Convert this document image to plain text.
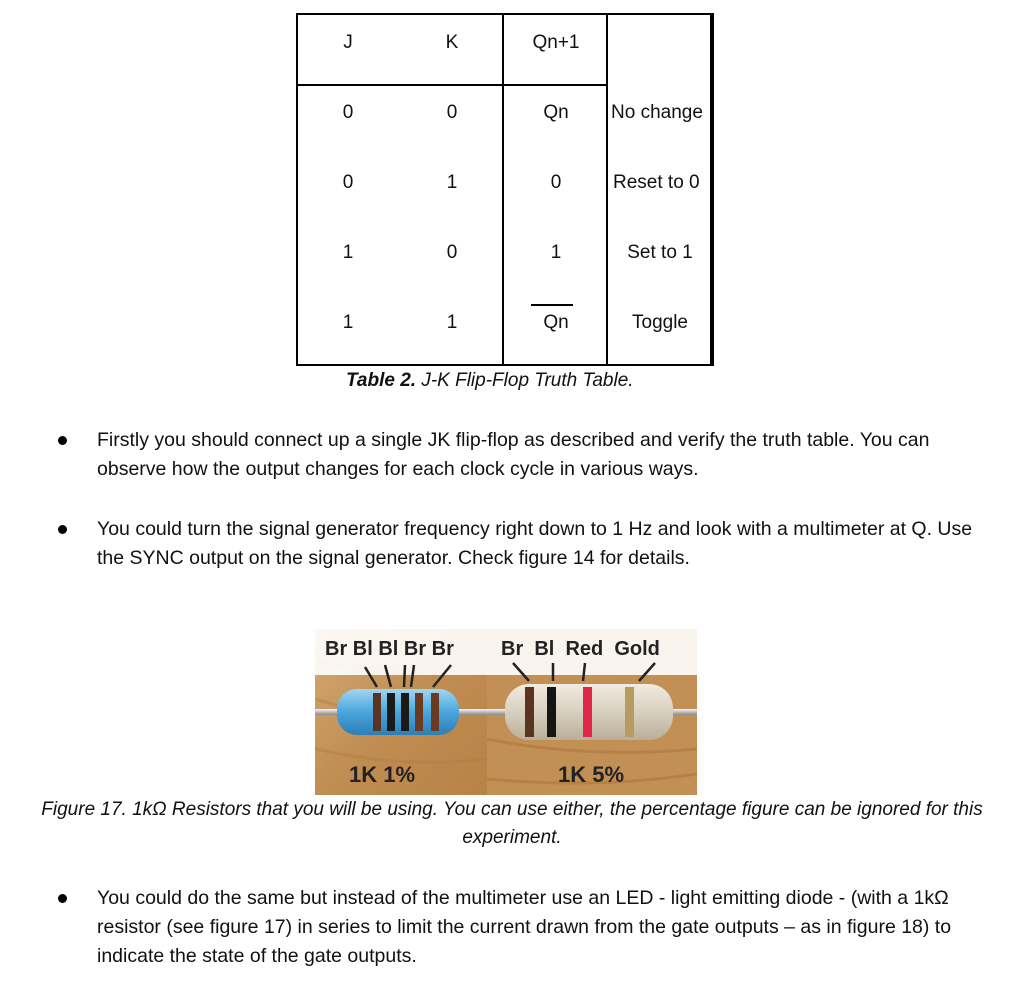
J	K	Qn+1
0	0	Qn	No change
0	1	0	Reset to 0
1	0	1	Set to 1
1	1	Qn	Toggle
Table 2. J-K Flip-Flop Truth Table.
Firstly you should connect up a single JK flip-flop as described and verify the truth table. You can observe how the output changes for each clock cycle in various ways.
You could turn the signal generator frequency right down to 1 Hz and look with a multimeter at Q. Use the SYNC output on the signal generator. Check figure 14 for details.
Br Bl Bl Br Br Br  Bl  Red  Gold
1K 1%	1K 5%
Figure 17. 1kΩ Resistors that you will be using. You can use either, the percentage figure can be ignored for this experiment.
You could do the same but instead of the multimeter use an LED - light emitting diode - (with a 1kΩ resistor (see figure 17) in series to limit the current drawn from the gate outputs – as in figure 18) to indicate the state of the gate outputs.
